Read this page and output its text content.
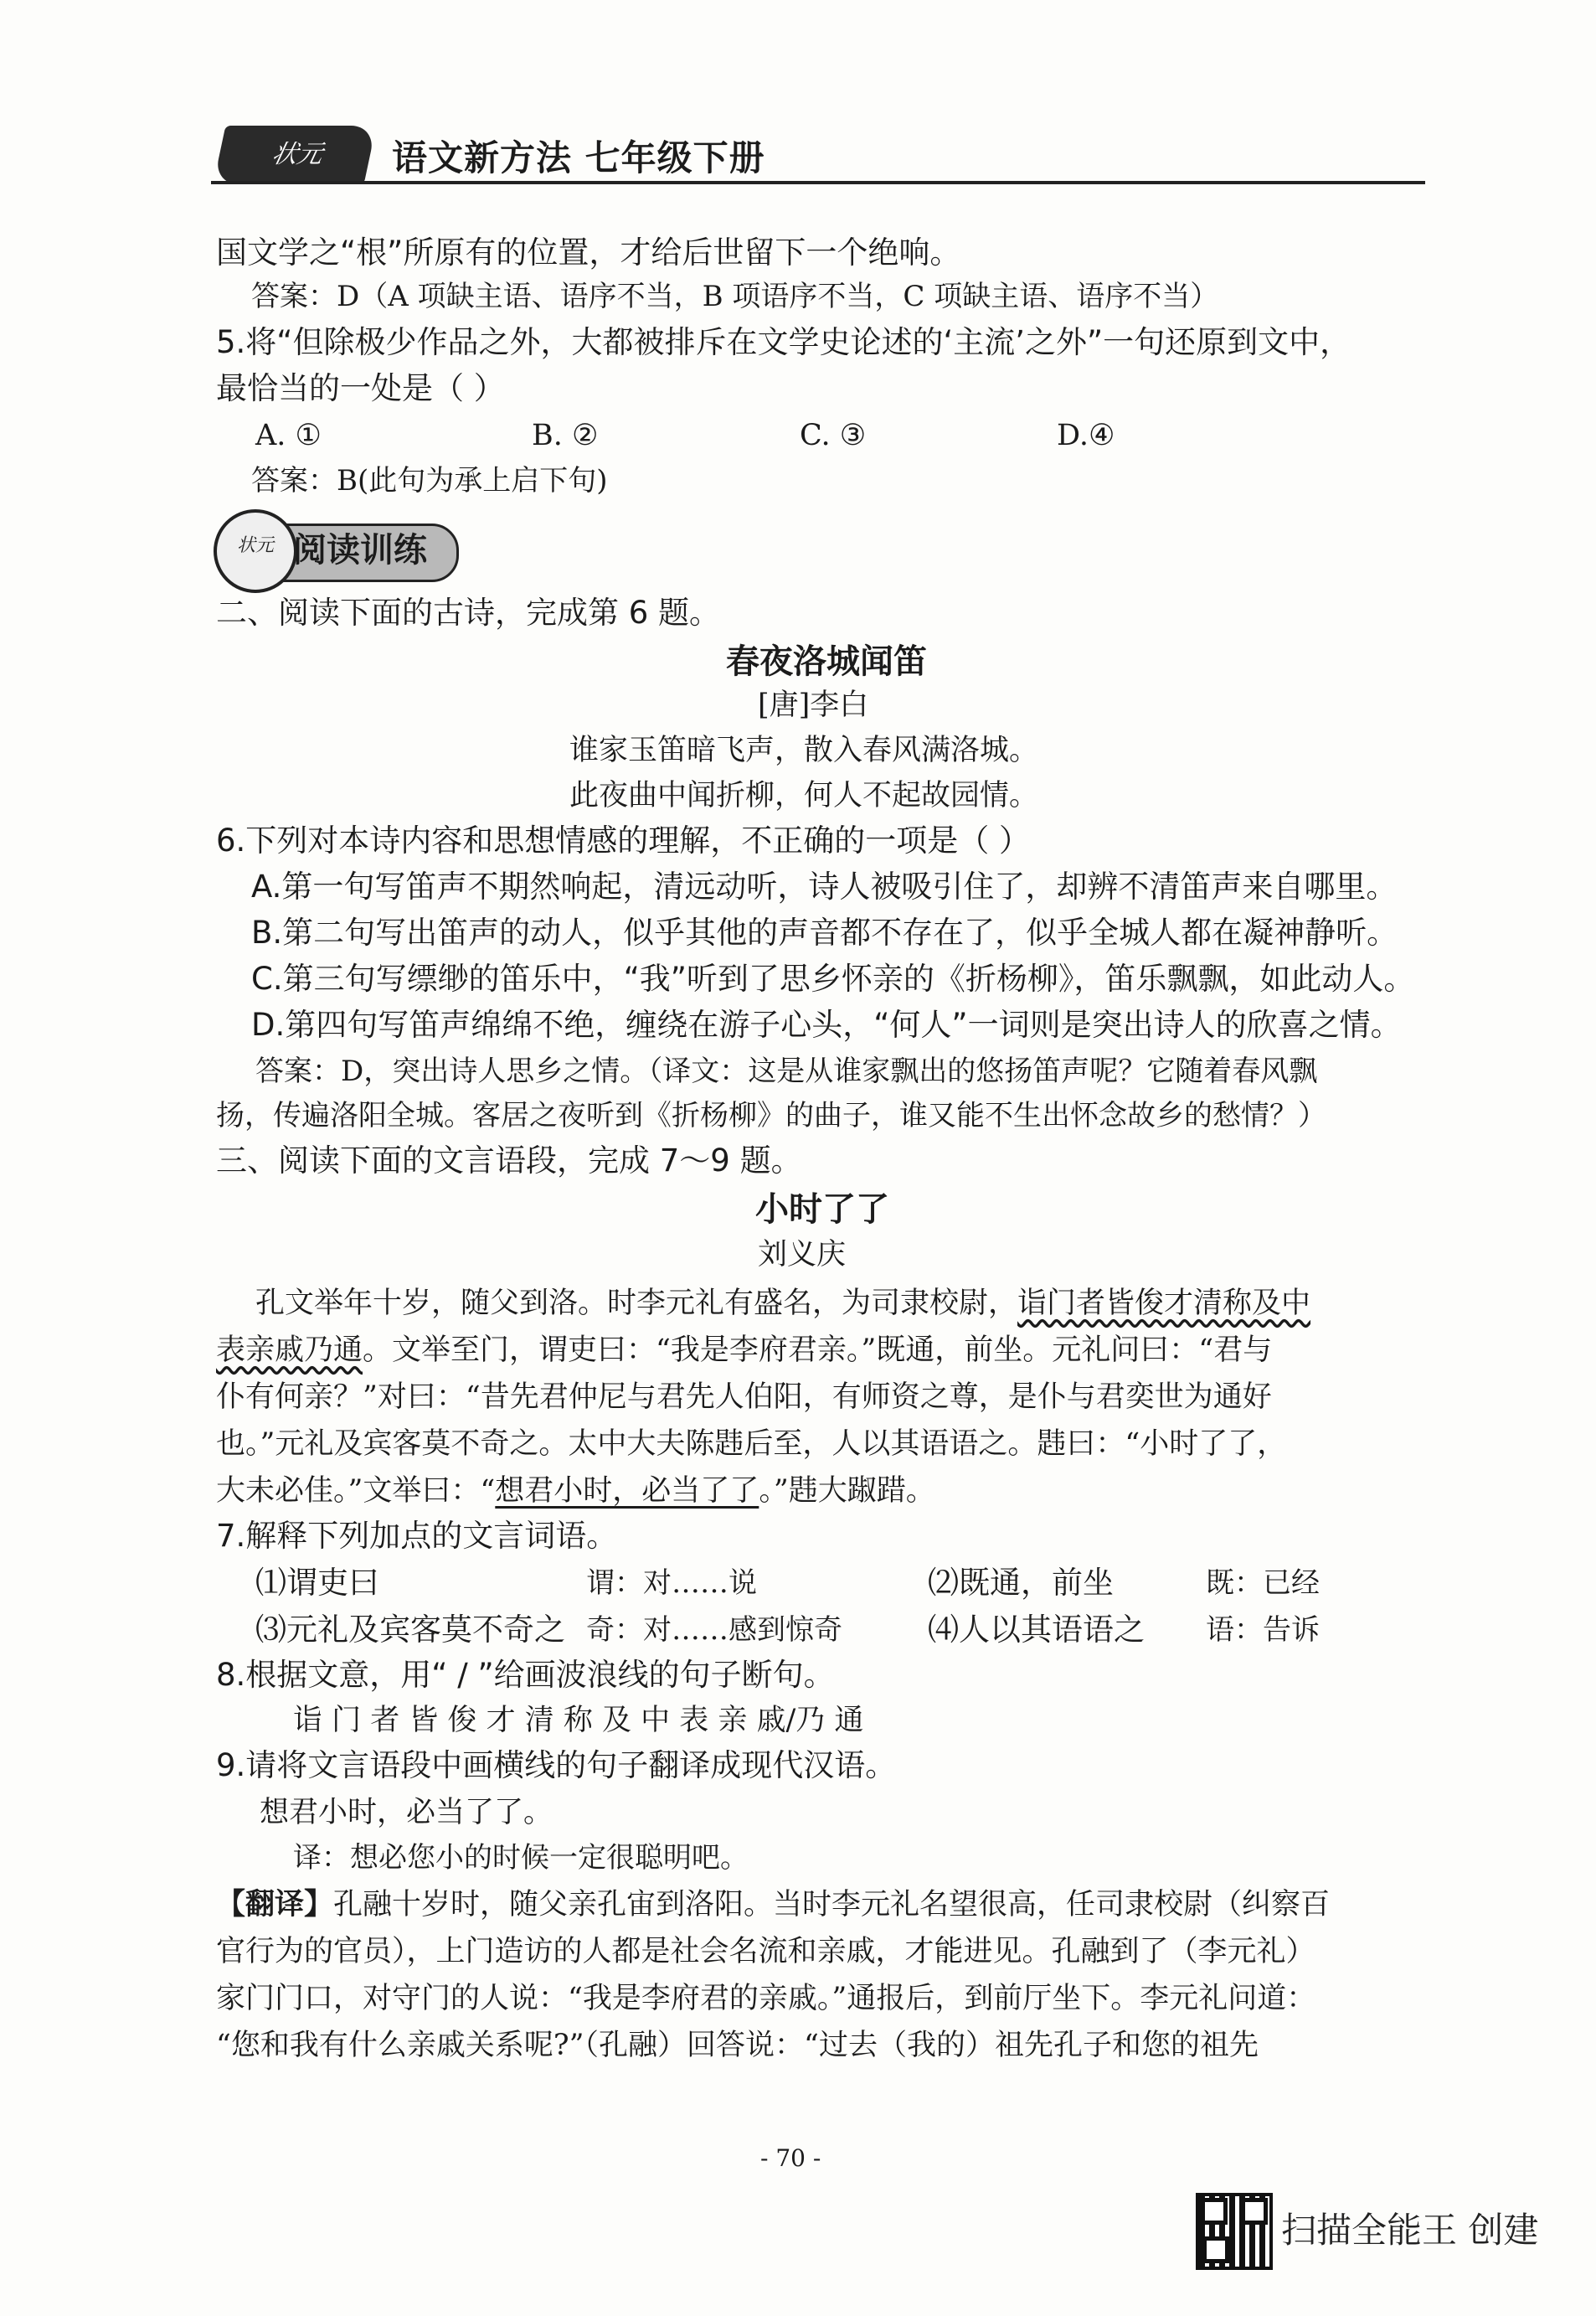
状元	语文新方法 七年级下册
国文学之“根”所原有的位置，才给后世留下一个绝响。
答案：D（A 项缺主语、语序不当，B 项语序不当，C 项缺主语、语序不当）
5.将“但除极少作品之外，大都被排斥在文学史论述的‘主流’之外”一句还原到文中，
最恰当的一处是（ ）
A. ①	B. ②	C. ③	D.④
答案：B(此句为承上启下句)
状元 阅读训练
二、阅读下面的古诗，完成第 6 题。
春夜洛城闻笛
[唐]李白
谁家玉笛暗飞声，散入春风满洛城。
此夜曲中闻折柳，何人不起故园情。
6.下列对本诗内容和思想情感的理解，不正确的一项是（ ）
A.第一句写笛声不期然响起，清远动听，诗人被吸引住了，却辨不清笛声来自哪里。
B.第二句写出笛声的动人，似乎其他的声音都不存在了，似乎全城人都在凝神静听。
C.第三句写缥缈的笛乐中，“我”听到了思乡怀亲的《折杨柳》，笛乐飘飘，如此动人。
D.第四句写笛声绵绵不绝，缠绕在游子心头，“何人”一词则是突出诗人的欣喜之情。
答案：D，突出诗人思乡之情。（译文：这是从谁家飘出的悠扬笛声呢？它随着春风飘
扬，传遍洛阳全城。客居之夜听到《折杨柳》的曲子，谁又能不生出怀念故乡的愁情？）
三、阅读下面的文言语段，完成 7～9 题。
小时了了
刘义庆
孔文举年十岁，随父到洛。时李元礼有盛名，为司隶校尉，诣门者皆俊才清称及中
表亲戚乃通。文举至门，谓吏曰：“我是李府君亲。”既通，前坐。元礼问曰：“君与
仆有何亲？”对曰：“昔先君仲尼与君先人伯阳，有师资之尊，是仆与君奕世为通好
也。”元礼及宾客莫不奇之。太中大夫陈韪后至，人以其语语之。韪曰：“小时了了，
大未必佳。”文举曰：“想君小时，必当了了。”韪大踧踖。
7.解释下列加点的文言词语。
⑴谓吏曰	谓：对……说	⑵既通，前坐	既：已经
⑶元礼及宾客莫不奇之 奇：对……感到惊奇	⑷人以其语语之 语：告诉
8.根据文意，用“ / ”给画波浪线的句子断句。
诣 门 者 皆 俊 才 清 称 及 中 表 亲 戚/乃 通
9.请将文言语段中画横线的句子翻译成现代汉语。
想君小时，必当了了。
译：想必您小的时候一定很聪明吧。
【翻译】孔融十岁时，随父亲孔宙到洛阳。当时李元礼名望很高，任司隶校尉（纠察百
官行为的官员），上门造访的人都是社会名流和亲戚，才能进见。孔融到了（李元礼）
家门门口，对守门的人说：“我是李府君的亲戚。”通报后，到前厅坐下。李元礼问道：
“您和我有什么亲戚关系呢?”（孔融）回答说：“过去（我的）祖先孔子和您的祖先
- 70 -
扫描全能王 创建
